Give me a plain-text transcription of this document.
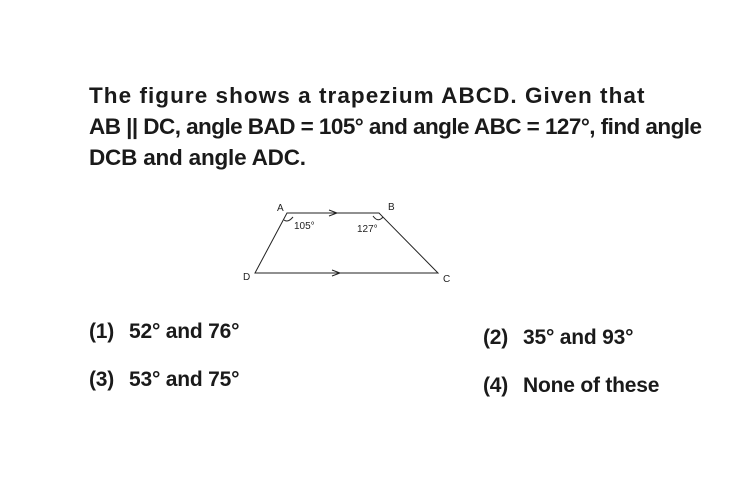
The figure shows a trapezium ABCD. Given that
AB || DC, angle BAD = 105° and angle ABC = 127°, find angle
DCB and angle ADC.
A	B
C
D
105°	127°
(1) 52° and 76°	(2) 35° and 93°
(3) 53° and 75°	(4) None of these
